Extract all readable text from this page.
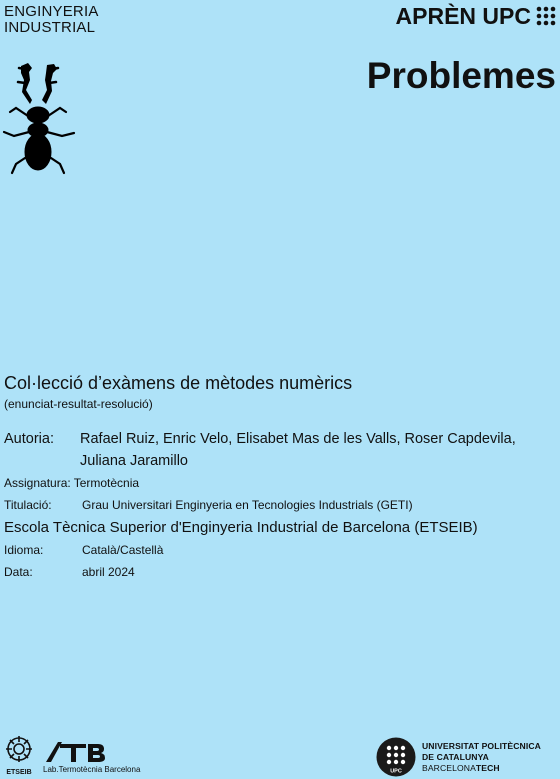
ENGINYERIA
INDUSTRIAL	APRÈN UPC
Problemes
Col·lecció d’exàmens de mètodes numèrics
(enunciat-resultat-resolució)
Autoria:	Rafael Ruiz, Enric Velo, Elisabet Mas de les Valls, Roser Capdevila, Juliana Jaramillo
Assignatura: Termotècnia
Titulació:	Grau Universitari Enginyeria en Tecnologies Industrials (GETI)
Escola Tècnica Superior d'Enginyeria Industrial de Barcelona (ETSEIB)
Idioma:	Català/Castellà
Data:	abril 2024
ETSEIB	Lab.Termotècnia Barcelona	UPC
UNIVERSITAT POLITÈCNICA
DE CATALUNYA
BARCELONATECH
